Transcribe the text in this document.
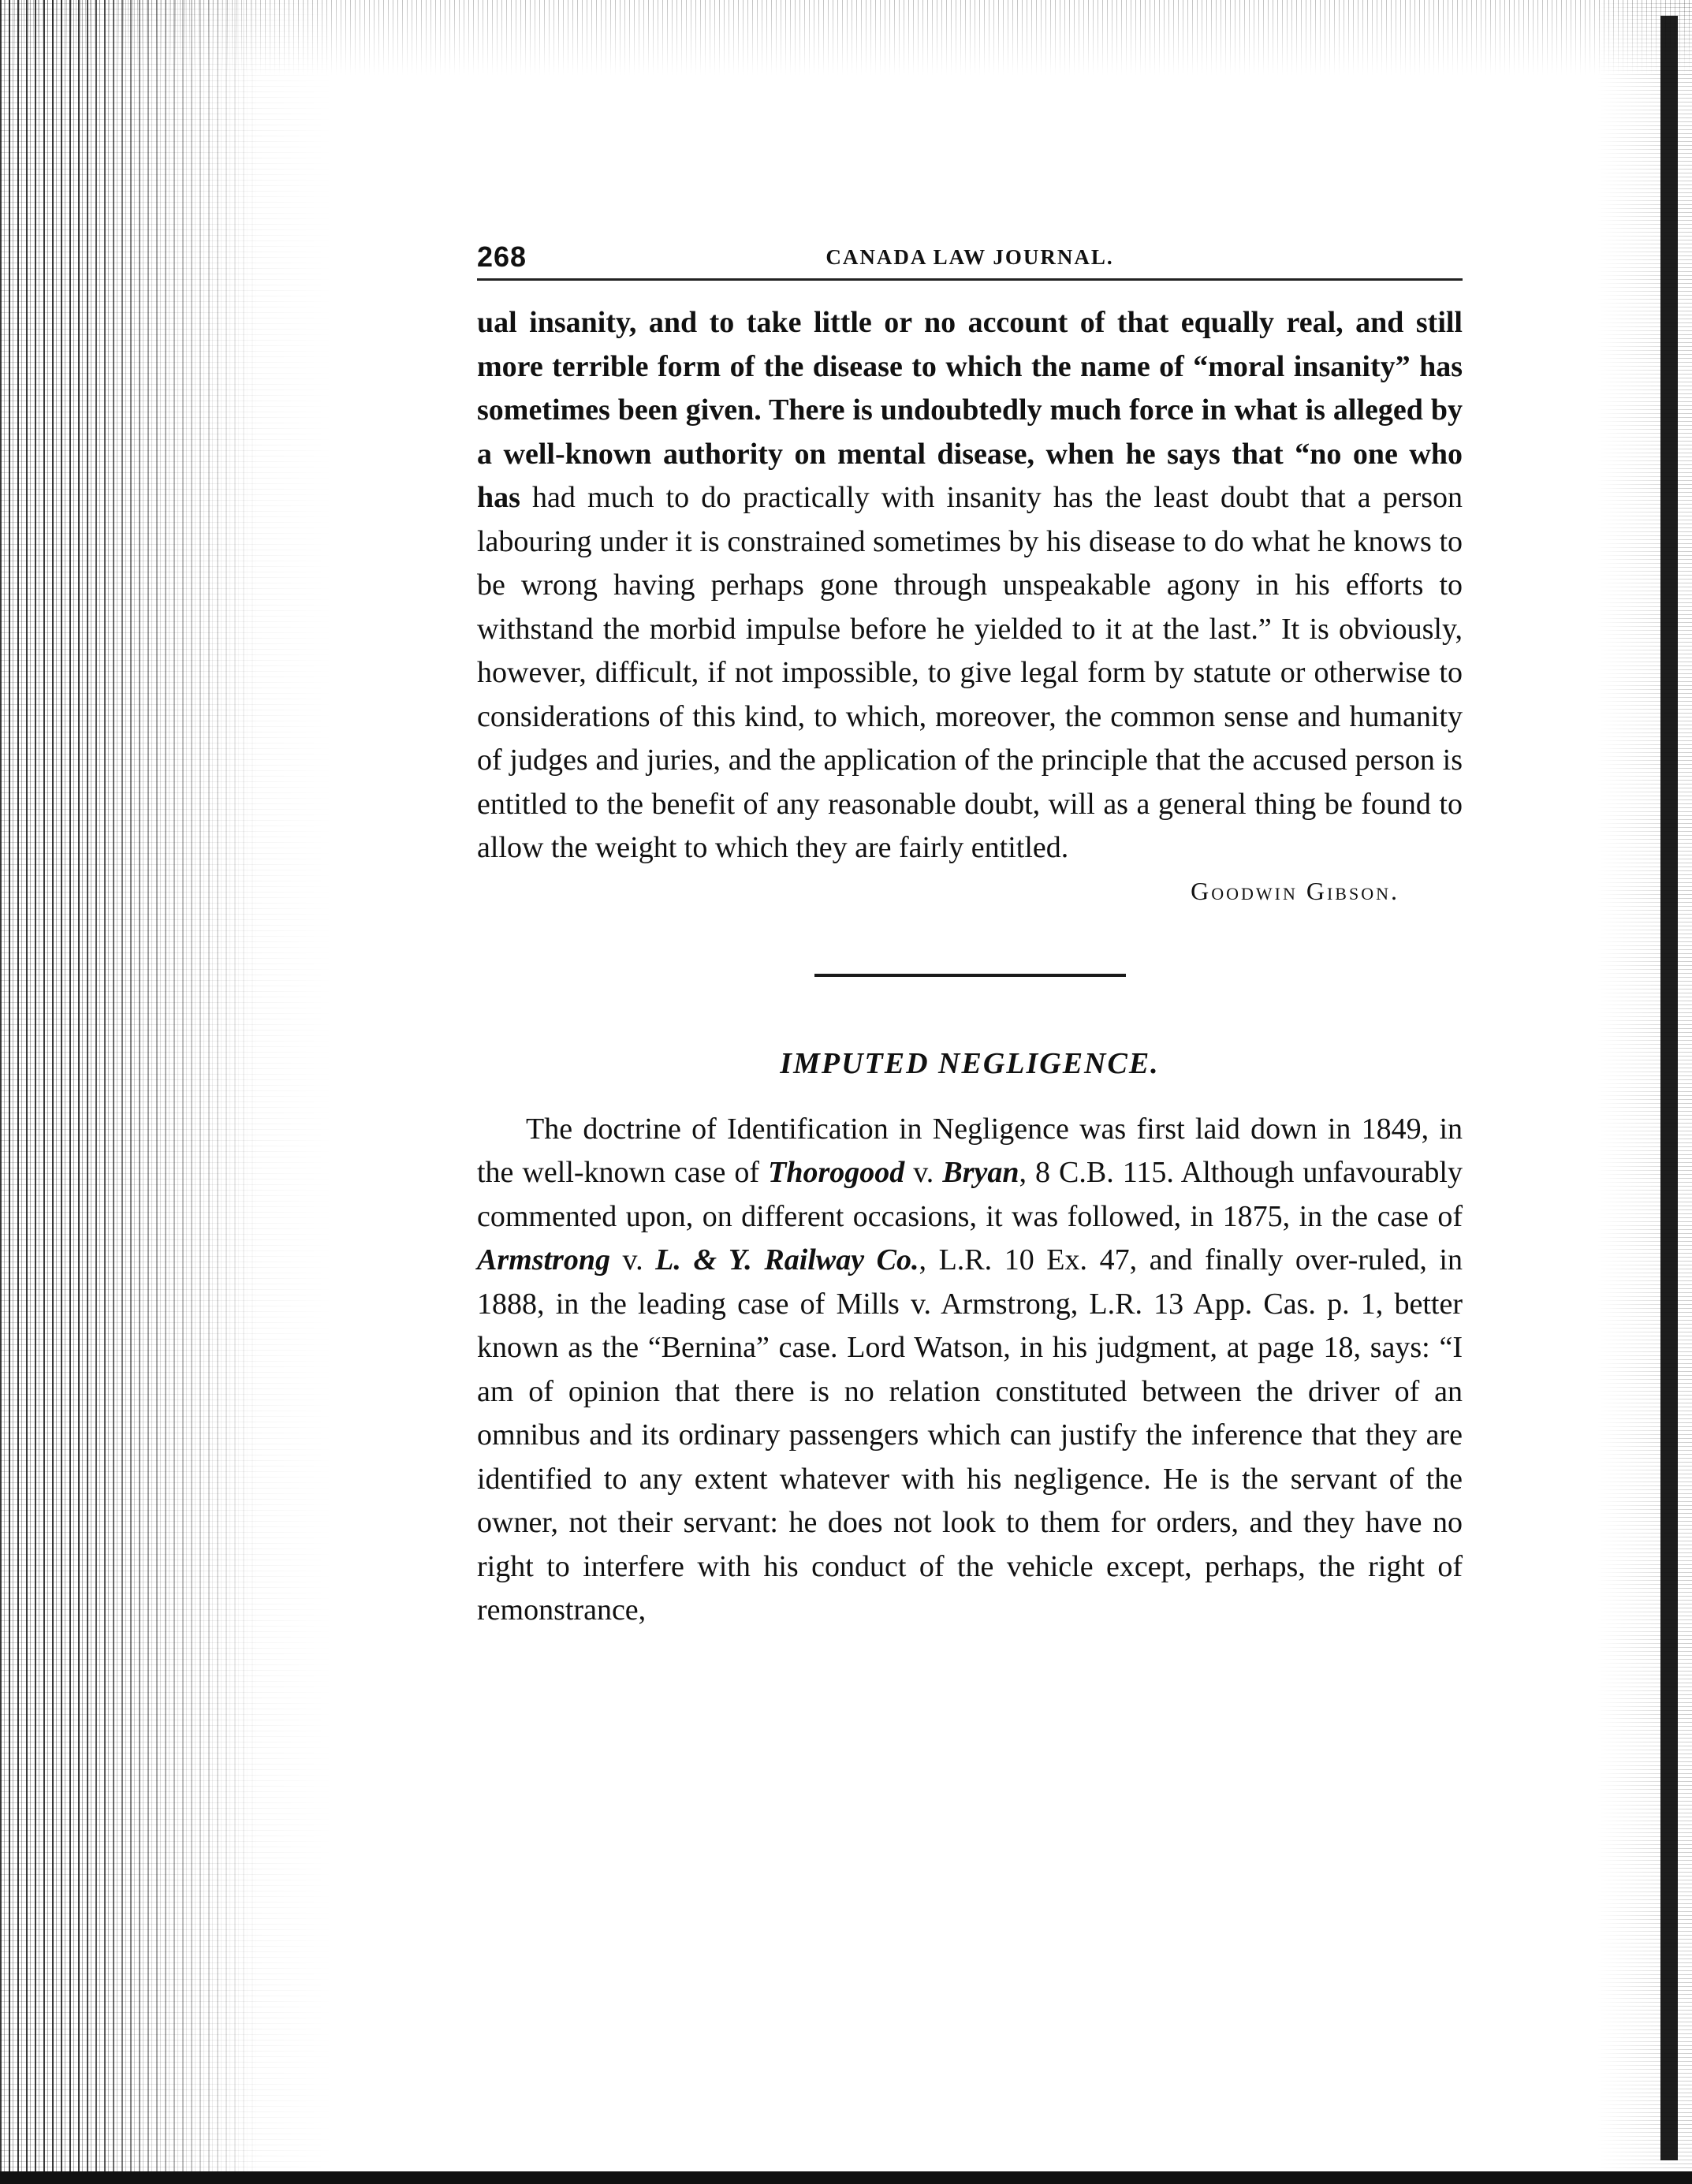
268	CANADA LAW JOURNAL.

ual insanity, and to take little or no account of that equally real, and still more terrible form of the disease to which the name of “moral insanity” has sometimes been given. There is undoubtedly much force in what is alleged by a well-known authority on mental disease, when he says that “no one who has had much to do practically with insanity has the least doubt that a person labouring under it is constrained sometimes by his disease to do what he knows to be wrong having perhaps gone through unspeakable agony in his efforts to withstand the morbid impulse before he yielded to it at the last.” It is obviously, however, difficult, if not impossible, to give legal form by statute or otherwise to considerations of this kind, to which, moreover, the common sense and humanity of judges and juries, and the application of the principle that the accused person is entitled to the benefit of any reasonable doubt, will as a general thing be found to allow the weight to which they are fairly entitled.

Goodwin Gibson.
IMPUTED NEGLIGENCE.

The doctrine of Identification in Negligence was first laid down in 1849, in the well-known case of Thorogood v. Bryan, 8 C.B. 115. Although unfavourably commented upon, on different occasions, it was followed, in 1875, in the case of Armstrong v. L. & Y. Railway Co., L.R. 10 Ex. 47, and finally over-ruled, in 1888, in the leading case of Mills v. Armstrong, L.R. 13 App. Cas. p. 1, better known as the “Bernina” case. Lord Watson, in his judgment, at page 18, says: “I am of opinion that there is no relation constituted between the driver of an omnibus and its ordinary passengers which can justify the inference that they are identified to any extent whatever with his negligence. He is the servant of the owner, not their servant: he does not look to them for orders, and they have no right to interfere with his conduct of the vehicle except, perhaps, the right of remonstrance,
